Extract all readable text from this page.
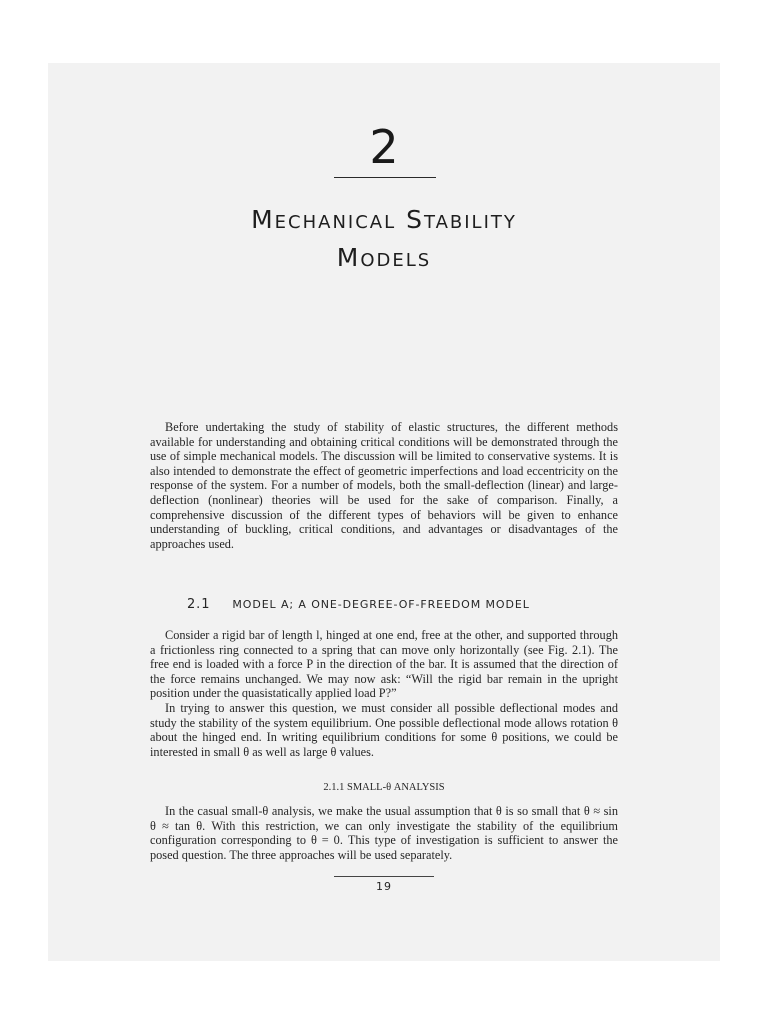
2
Mechanical Stability
Models

Before undertaking the study of stability of elastic structures, the different methods available for understanding and obtaining critical conditions will be demonstrated through the use of simple mechanical models. The discussion will be limited to conservative systems. It is also intended to demonstrate the effect of geometric imperfections and load eccentricity on the response of the system. For a number of models, both the small-deflection (linear) and large-deflection (nonlinear) theories will be used for the sake of comparison. Finally, a comprehensive discussion of the different types of behaviors will be given to enhance understanding of buckling, critical conditions, and advantages or disadvantages of the approaches used.

2.1 MODEL A; A ONE-DEGREE-OF-FREEDOM MODEL

Consider a rigid bar of length l, hinged at one end, free at the other, and supported through a frictionless ring connected to a spring that can move only horizontally (see Fig. 2.1). The free end is loaded with a force P in the direction of the bar. It is assumed that the direction of the force remains unchanged. We may now ask: “Will the rigid bar remain in the upright position under the quasistatically applied load P?”

In trying to answer this question, we must consider all possible deflectional modes and study the stability of the system equilibrium. One possible deflectional mode allows rotation θ about the hinged end. In writing equilibrium conditions for some θ positions, we could be interested in small θ as well as large θ values.

2.1.1 SMALL-θ ANALYSIS

In the casual small-θ analysis, we make the usual assumption that θ is so small that θ ≈ sin θ ≈ tan θ. With this restriction, we can only investigate the stability of the equilibrium configuration corresponding to θ = 0. This type of investigation is sufficient to answer the posed question. The three approaches will be used separately.

19
